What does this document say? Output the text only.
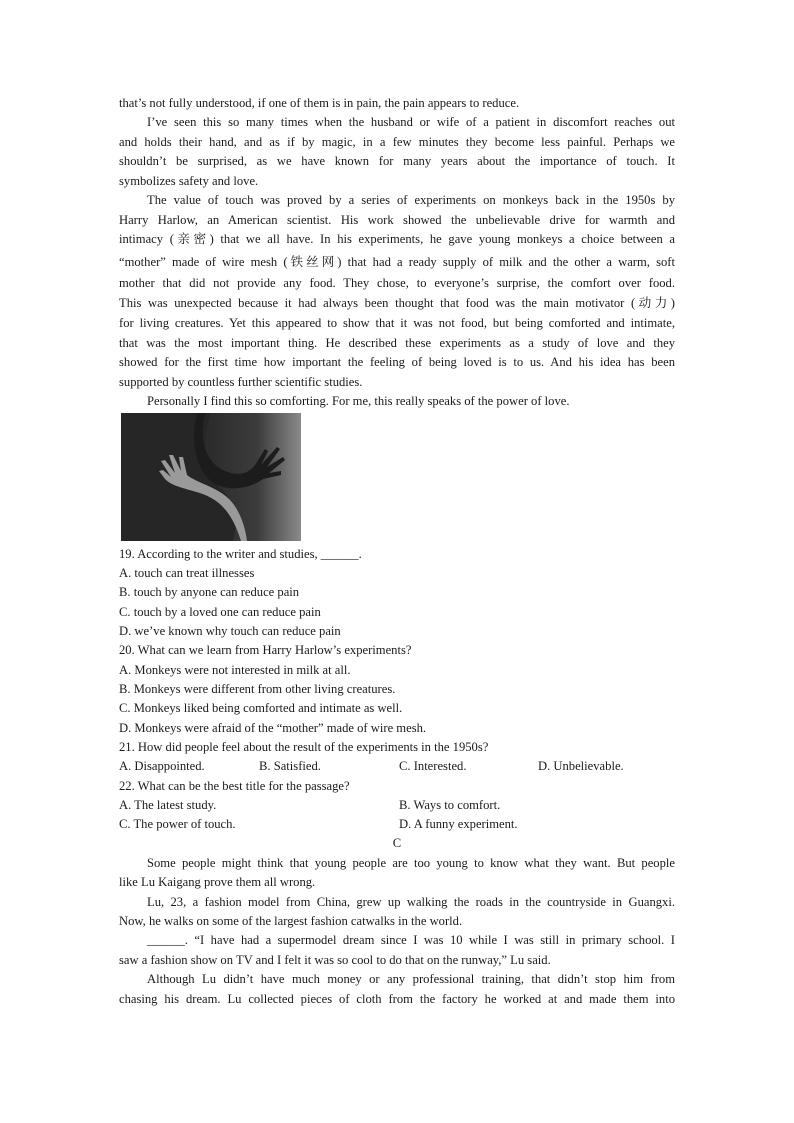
that’s not fully understood, if one of them is in pain, the pain appears to reduce.
I’ve seen this so many times when the husband or wife of a patient in discomfort reaches out
and holds their hand, and as if by magic, in a few minutes they become less painful. Perhaps we
shouldn’t be surprised, as we have known for many years about the importance of touch. It
symbolizes safety and love.
The value of touch was proved by a series of experiments on monkeys back in the 1950s by
Harry Harlow, an American scientist. His work showed the unbelievable drive for warmth and
intimacy (亲密) that we all have. In his experiments, he gave young monkeys a choice between a
“mother” made of wire mesh (铁丝网) that had a ready supply of milk and the other a warm, soft
mother that did not provide any food. They chose, to everyone’s surprise, the comfort over food.
This was unexpected because it had always been thought that food was the main motivator (动力)
for living creatures. Yet this appeared to show that it was not food, but being comforted and intimate,
that was the most important thing. He described these experiments as a study of love and they
showed for the first time how important the feeling of being loved is to us. And his idea has been
supported by countless further scientific studies.
Personally I find this so comforting. For me, this really speaks of the power of love.
19. According to the writer and studies, ______.
A. touch can treat illnesses
B. touch by anyone can reduce pain
C. touch by a loved one can reduce pain
D. we’ve known why touch can reduce pain
20. What can we learn from Harry Harlow’s experiments?
A. Monkeys were not interested in milk at all.
B. Monkeys were different from other living creatures.
C. Monkeys liked being comforted and intimate as well.
D. Monkeys were afraid of the “mother” made of wire mesh.
21. How did people feel about the result of the experiments in the 1950s?
A. Disappointed.	B. Satisfied.	C. Interested.	D. Unbelievable.
22. What can be the best title for the passage?
A. The latest study.	B. Ways to comfort.
C. The power of touch.	D. A funny experiment.
C
Some people might think that young people are too young to know what they want. But people
like Lu Kaigang prove them all wrong.
Lu, 23, a fashion model from China, grew up walking the roads in the countryside in Guangxi.
Now, he walks on some of the largest fashion catwalks in the world.
______. “I have had a supermodel dream since I was 10 while I was still in primary school. I
saw a fashion show on TV and I felt it was so cool to do that on the runway,” Lu said.
Although Lu didn’t have much money or any professional training, that didn’t stop him from
chasing his dream. Lu collected pieces of cloth from the factory he worked at and made them into
